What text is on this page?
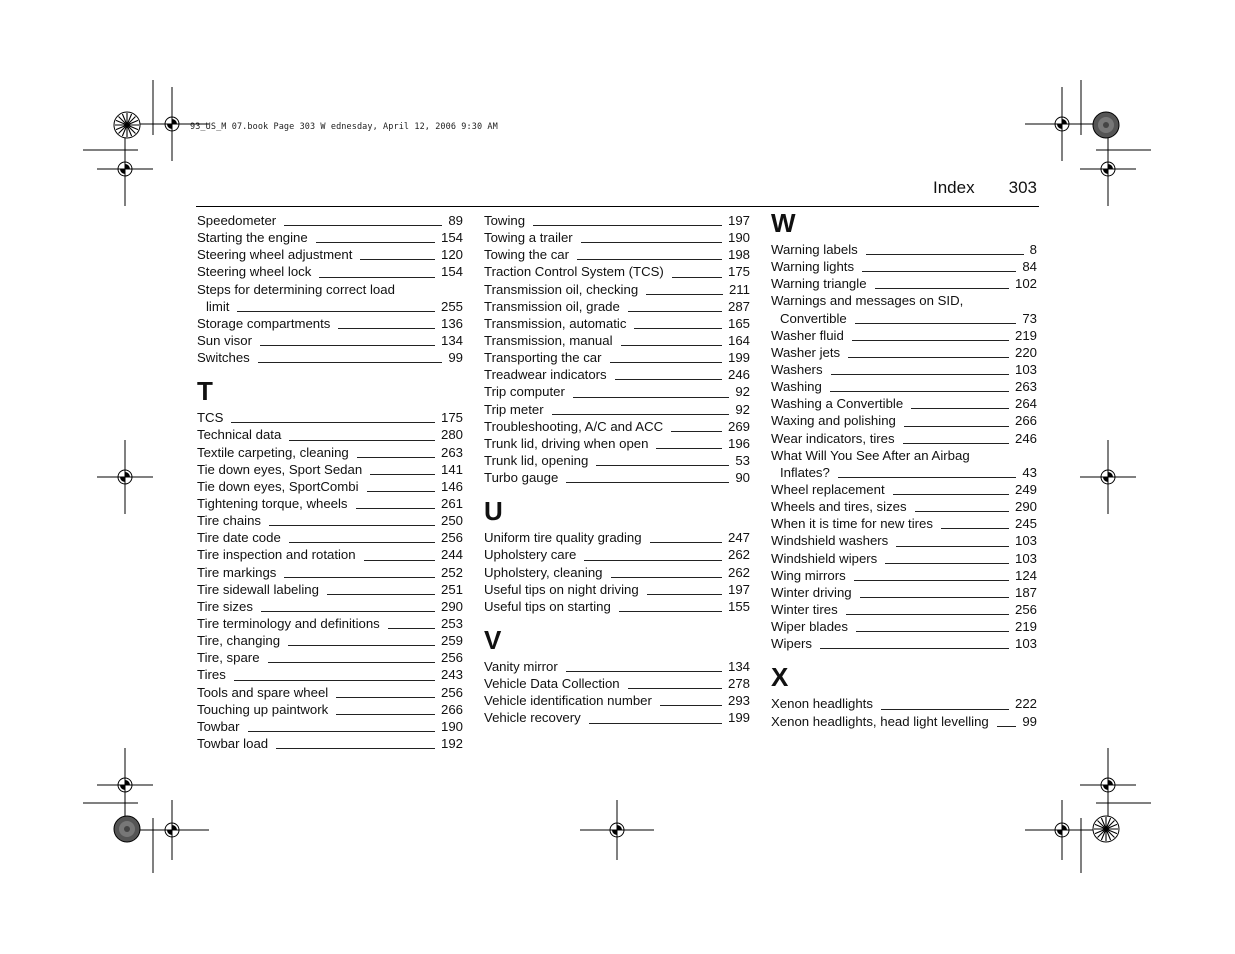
93_US_M 07.book Page 303 W ednesday, April 12, 2006 9:30 AM
Index 303
Speedometer	89
Starting the engine	154
Steering wheel adjustment	120
Steering wheel lock	154
Steps for determining correct load
limit	255
Storage compartments	136
Sun visor	134
Switches	99
T
TCS	175
Technical data	280
Textile carpeting, cleaning	263
Tie down eyes, Sport Sedan	141
Tie down eyes, SportCombi	146
Tightening torque, wheels	261
Tire chains	250
Tire date code	256
Tire inspection and rotation	244
Tire markings	252
Tire sidewall labeling	251
Tire sizes	290
Tire terminology and definitions	253
Tire, changing	259
Tire, spare	256
Tires	243
Tools and spare wheel	256
Touching up paintwork	266
Towbar	190
Towbar load	192
Towing	197
Towing a trailer	190
Towing the car	198
Traction Control System (TCS)	175
Transmission oil, checking	211
Transmission oil, grade	287
Transmission, automatic	165
Transmission, manual	164
Transporting the car	199
Treadwear indicators	246
Trip computer	92
Trip meter	92
Troubleshooting, A/C and ACC	269
Trunk lid, driving when open	196
Trunk lid, opening	53
Turbo gauge	90
U
Uniform tire quality grading	247
Upholstery care	262
Upholstery, cleaning	262
Useful tips on night driving	197
Useful tips on starting	155
V
Vanity mirror	134
Vehicle Data Collection	278
Vehicle identification number	293
Vehicle recovery	199
W
Warning labels	8
Warning lights	84
Warning triangle	102
Warnings and messages on SID,
Convertible	73
Washer fluid	219
Washer jets	220
Washers	103
Washing	263
Washing a Convertible	264
Waxing and polishing	266
Wear indicators, tires	246
What Will You See After an Airbag
Inflates?	43
Wheel replacement	249
Wheels and tires, sizes	290
When it is time for new tires	245
Windshield washers	103
Windshield wipers	103
Wing mirrors	124
Winter driving	187
Winter tires	256
Wiper blades	219
Wipers	103
X
Xenon headlights	222
Xenon headlights, head light levelling	99
